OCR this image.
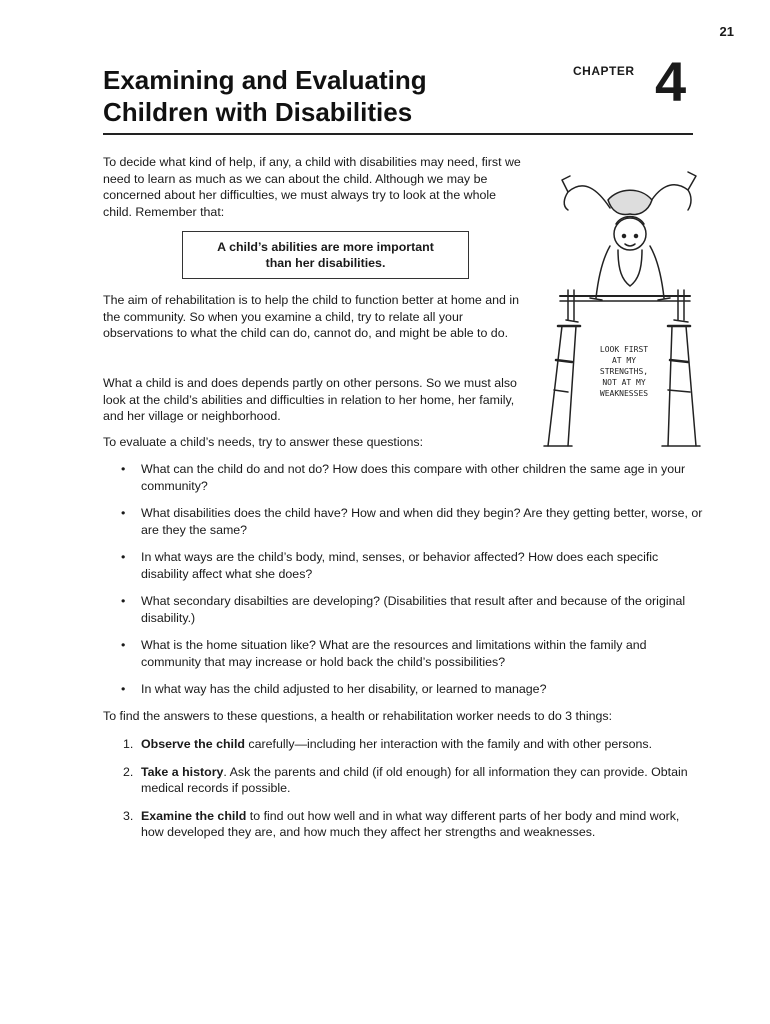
21
Examining and Evaluating
Children with Disabilities
CHAPTER 4

To decide what kind of help, if any, a child with disabilities may need, first we need to learn as much as we can about the child. Although we may be concerned about her difficulties, we must always try to look at the whole child. Remember that:

A child’s abilities are more important
than her disabilities.

The aim of rehabilitation is to help the child to function better at home and in the community. So when you examine a child, try to relate all your observations to what the child can do, cannot do, and might be able to do.

What a child is and does depends partly on other persons. So we must also look at the child’s abilities and difficulties in relation to her home, her family, and her village or neighborhood.

To evaluate a child’s needs, try to answer these questions:

• What can the child do and not do? How does this compare with other children the same age in your community?
• What disabilities does the child have? How and when did they begin? Are they getting better, worse, or are they the same?
• In what ways are the child’s body, mind, senses, or behavior affected? How does each specific disability affect what she does?
• What secondary disabilties are developing? (Disabilities that result after and because of the original disability.)
• What is the home situation like? What are the resources and limitations within the family and community that may increase or hold back the child’s possibilities?
• In what way has the child adjusted to her disability, or learned to manage?

To find the answers to these questions, a health or rehabilitation worker needs to do 3 things:

1. Observe the child carefully—including her interaction with the family and with other persons.
2. Take a history. Ask the parents and child (if old enough) for all information they can provide. Obtain medical records if possible.
3. Examine the child to find out how well and in what way different parts of her body and mind work, how developed they are, and how much they affect her strengths and weaknesses.
LOOK FIRST
AT MY
STRENGTHS,
NOT AT MY
WEAKNESSES
